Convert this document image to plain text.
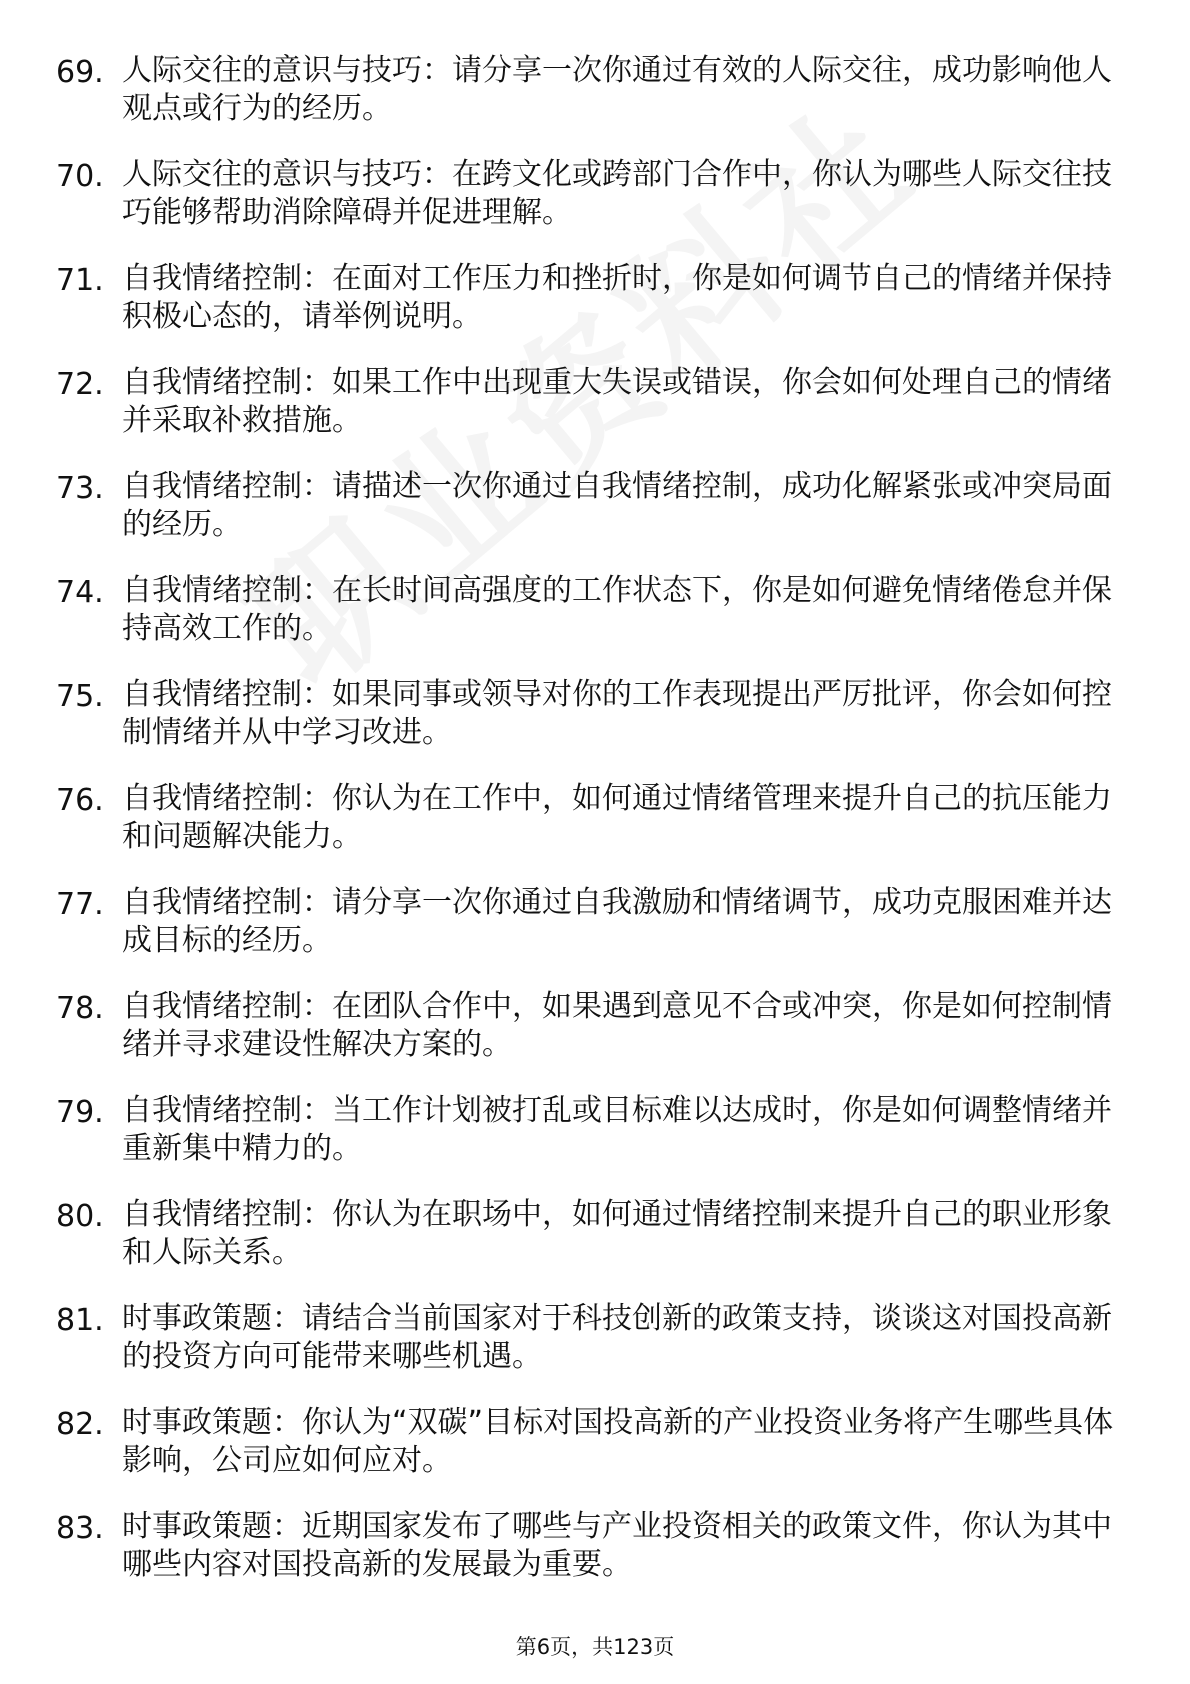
69. 人际交往的意识与技巧：请分享一次你通过有效的人际交往，成功影响他人观点或行为的经历。
70. 人际交往的意识与技巧：在跨文化或跨部门合作中，你认为哪些人际交往技巧能够帮助消除障碍并促进理解。
71. 自我情绪控制：在面对工作压力和挫折时，你是如何调节自己的情绪并保持积极心态的，请举例说明。
72. 自我情绪控制：如果工作中出现重大失误或错误，你会如何处理自己的情绪并采取补救措施。
73. 自我情绪控制：请描述一次你通过自我情绪控制，成功化解紧张或冲突局面的经历。
74. 自我情绪控制：在长时间高强度的工作状态下，你是如何避免情绪倦怠并保持高效工作的。
75. 自我情绪控制：如果同事或领导对你的工作表现提出严厉批评，你会如何控制情绪并从中学习改进。
76. 自我情绪控制：你认为在工作中，如何通过情绪管理来提升自己的抗压能力和问题解决能力。
77. 自我情绪控制：请分享一次你通过自我激励和情绪调节，成功克服困难并达成目标的经历。
78. 自我情绪控制：在团队合作中，如果遇到意见不合或冲突，你是如何控制情绪并寻求建设性解决方案的。
79. 自我情绪控制：当工作计划被打乱或目标难以达成时，你是如何调整情绪并重新集中精力的。
80. 自我情绪控制：你认为在职场中，如何通过情绪控制来提升自己的职业形象和人际关系。
81. 时事政策题：请结合当前国家对于科技创新的政策支持，谈谈这对国投高新的投资方向可能带来哪些机遇。
82. 时事政策题：你认为“双碳”目标对国投高新的产业投资业务将产生哪些具体影响，公司应如何应对。
83. 时事政策题：近期国家发布了哪些与产业投资相关的政策文件，你认为其中哪些内容对国投高新的发展最为重要。
第6页，共123页
